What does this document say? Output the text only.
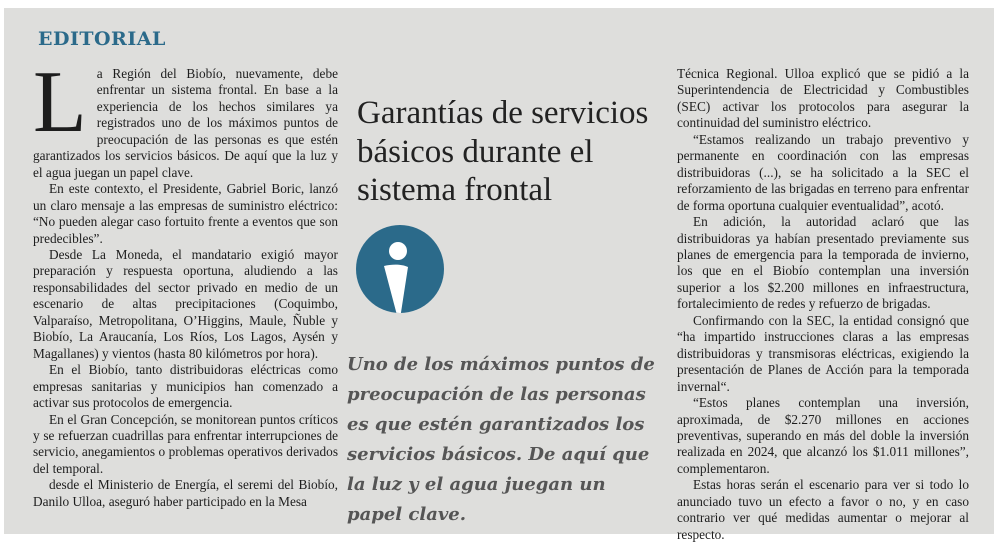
EDITORIAL

La Región del Biobío, nuevamente, debe enfrentar un sistema frontal. En base a la experiencia de los hechos similares ya registrados uno de los máximos puntos de preocupación de las personas es que estén garantizados los servicios básicos. De aquí que la luz y el agua juegan un papel clave.

En este contexto, el Presidente, Gabriel Boric, lanzó un claro mensaje a las empresas de suministro eléctrico: “No pueden alegar caso fortuito frente a eventos que son predecibles”.

Desde La Moneda, el mandatario exigió mayor preparación y respuesta oportuna, aludiendo a las responsabilidades del sector privado en medio de un escenario de altas precipitaciones (Coquimbo, Valparaíso, Metropolitana, O’Higgins, Maule, Ñuble y Biobío, La Araucanía, Los Ríos, Los Lagos, Aysén y Magallanes) y vientos (hasta 80 kilómetros por hora).

En el Biobío, tanto distribuidoras eléctricas como empresas sanitarias y municipios han comenzado a activar sus protocolos de emergencia.

En el Gran Concepción, se monitorean puntos críticos y se refuerzan cuadrillas para enfrentar interrupciones de servicio, anegamientos o problemas operativos derivados del temporal.

desde el Ministerio de Energía, el seremi del Biobío, Danilo Ulloa, aseguró haber participado en la Mesa

Garantías de servicios básicos durante el sistema frontal
Uno de los máximos puntos de preocupación de las personas es que estén garantizados los servicios básicos. De aquí que la luz y el agua juegan un papel clave.

Técnica Regional. Ulloa explicó que se pidió a la Superintendencia de Electricidad y Combustibles (SEC) activar los protocolos para asegurar la continuidad del suministro eléctrico.

“Estamos realizando un trabajo preventivo y permanente en coordinación con las empresas distribuidoras (...), se ha solicitado a la SEC el reforzamiento de las brigadas en terreno para enfrentar de forma oportuna cualquier eventualidad”, acotó.

En adición, la autoridad aclaró que las distribuidoras ya habían presentado previamente sus planes de emergencia para la temporada de invierno, los que en el Biobío contemplan una inversión superior a los $2.200 millones en infraestructura, fortalecimiento de redes y refuerzo de brigadas.

Confirmando con la SEC, la entidad consignó que “ha impartido instrucciones claras a las empresas distribuidoras y transmisoras eléctricas, exigiendo la presentación de Planes de Acción para la temporada invernal“.

“Estos planes contemplan una inversión, aproximada, de $2.270 millones en acciones preventivas, superando en más del doble la inversión realizada en 2024, que alcanzó los $1.011 millones”, complementaron.

Estas horas serán el escenario para ver si todo lo anunciado tuvo un efecto a favor o no, y en caso contrario ver qué medidas aumentar o mejorar al respecto.
